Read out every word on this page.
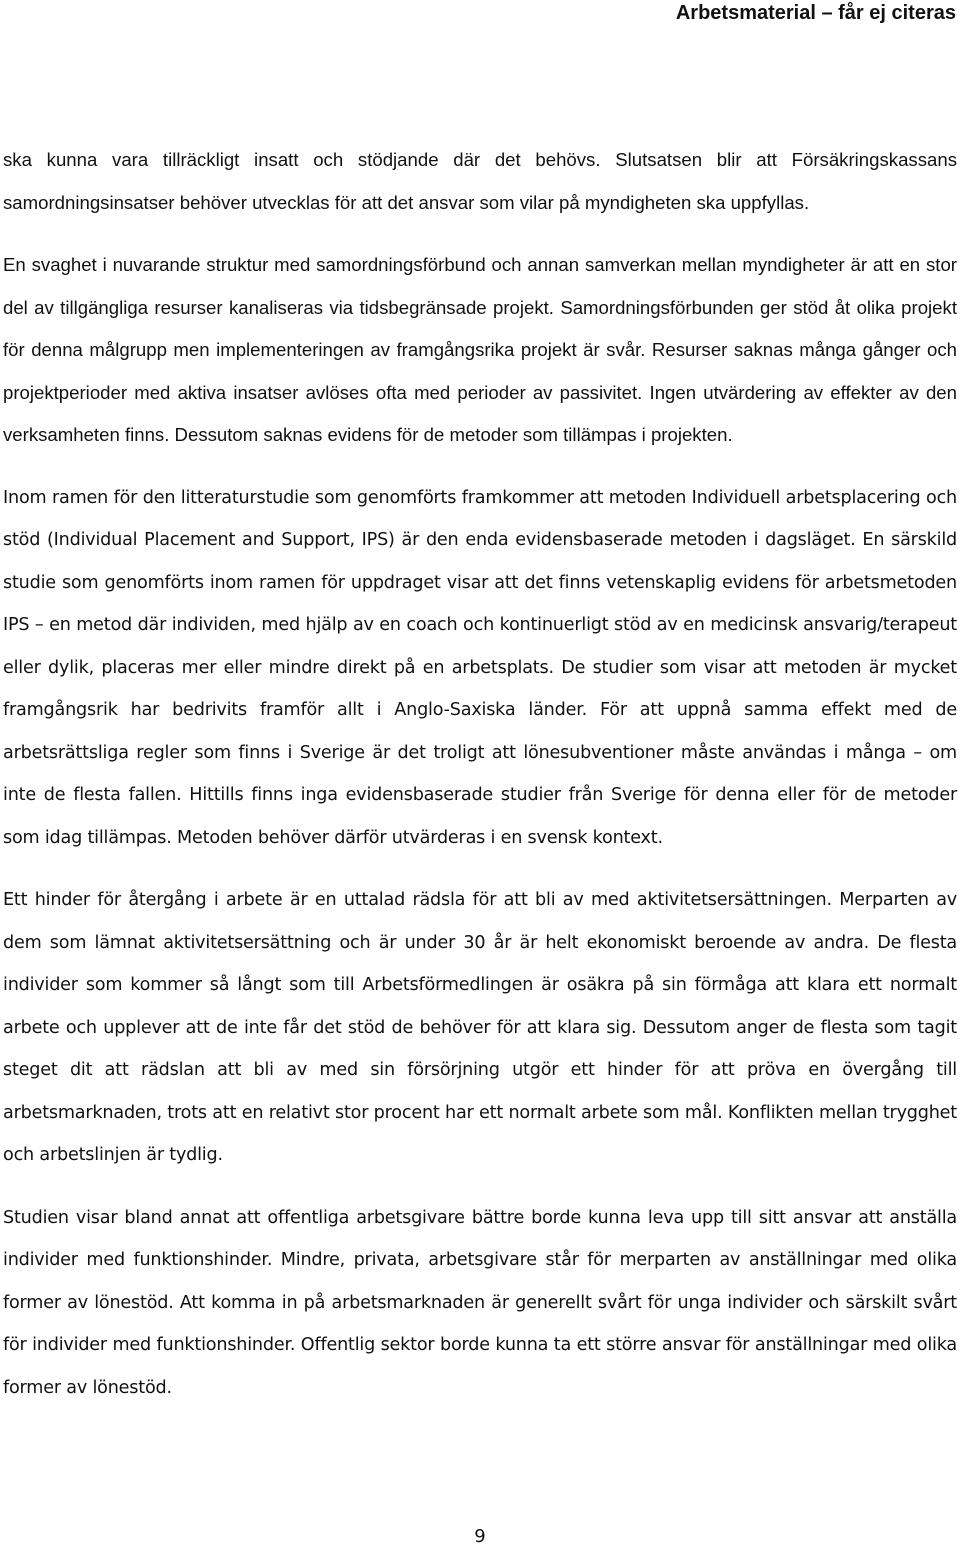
Arbetsmaterial – får ej citeras

ska kunna vara tillräckligt insatt och stödjande där det behövs. Slutsatsen blir att Försäkringskassans samordningsinsatser behöver utvecklas för att det ansvar som vilar på myndigheten ska uppfyllas.

En svaghet i nuvarande struktur med samordningsförbund och annan samverkan mellan myndigheter är att en stor del av tillgängliga resurser kanaliseras via tidsbegränsade projekt. Samordningsförbunden ger stöd åt olika projekt för denna målgrupp men implementeringen av framgångsrika projekt är svår. Resurser saknas många gånger och projektperioder med aktiva insatser avlöses ofta med perioder av passivitet. Ingen utvärdering av effekter av den verksamheten finns. Dessutom saknas evidens för de metoder som tillämpas i projekten.

Inom ramen för den litteraturstudie som genomförts framkommer att metoden Individuell arbetsplacering och stöd (Individual Placement and Support, IPS) är den enda evidensbaserade metoden i dagsläget. En särskild studie som genomförts inom ramen för uppdraget visar att det finns vetenskaplig evidens för arbetsmetoden IPS – en metod där individen, med hjälp av en coach och kontinuerligt stöd av en medicinsk ansvarig/terapeut eller dylik, placeras mer eller mindre direkt på en arbetsplats. De studier som visar att metoden är mycket framgångsrik har bedrivits framför allt i Anglo-Saxiska länder. För att uppnå samma effekt med de arbetsrättsliga regler som finns i Sverige är det troligt att lönesubventioner måste användas i många – om inte de flesta fallen. Hittills finns inga evidensbaserade studier från Sverige för denna eller för de metoder som idag tillämpas. Metoden behöver därför utvärderas i en svensk kontext.

Ett hinder för återgång i arbete är en uttalad rädsla för att bli av med aktivitetsersättningen. Merparten av dem som lämnat aktivitetsersättning och är under 30 år är helt ekonomiskt beroende av andra. De flesta individer som kommer så långt som till Arbetsförmedlingen är osäkra på sin förmåga att klara ett normalt arbete och upplever att de inte får det stöd de behöver för att klara sig. Dessutom anger de flesta som tagit steget dit att rädslan att bli av med sin försörjning utgör ett hinder för att pröva en övergång till arbetsmarknaden, trots att en relativt stor procent har ett normalt arbete som mål. Konflikten mellan trygghet och arbetslinjen är tydlig.

Studien visar bland annat att offentliga arbetsgivare bättre borde kunna leva upp till sitt ansvar att anställa individer med funktionshinder. Mindre, privata, arbetsgivare står för merparten av anställningar med olika former av lönestöd. Att komma in på arbetsmarknaden är generellt svårt för unga individer och särskilt svårt för individer med funktionshinder. Offentlig sektor borde kunna ta ett större ansvar för anställningar med olika former av lönestöd.

9
